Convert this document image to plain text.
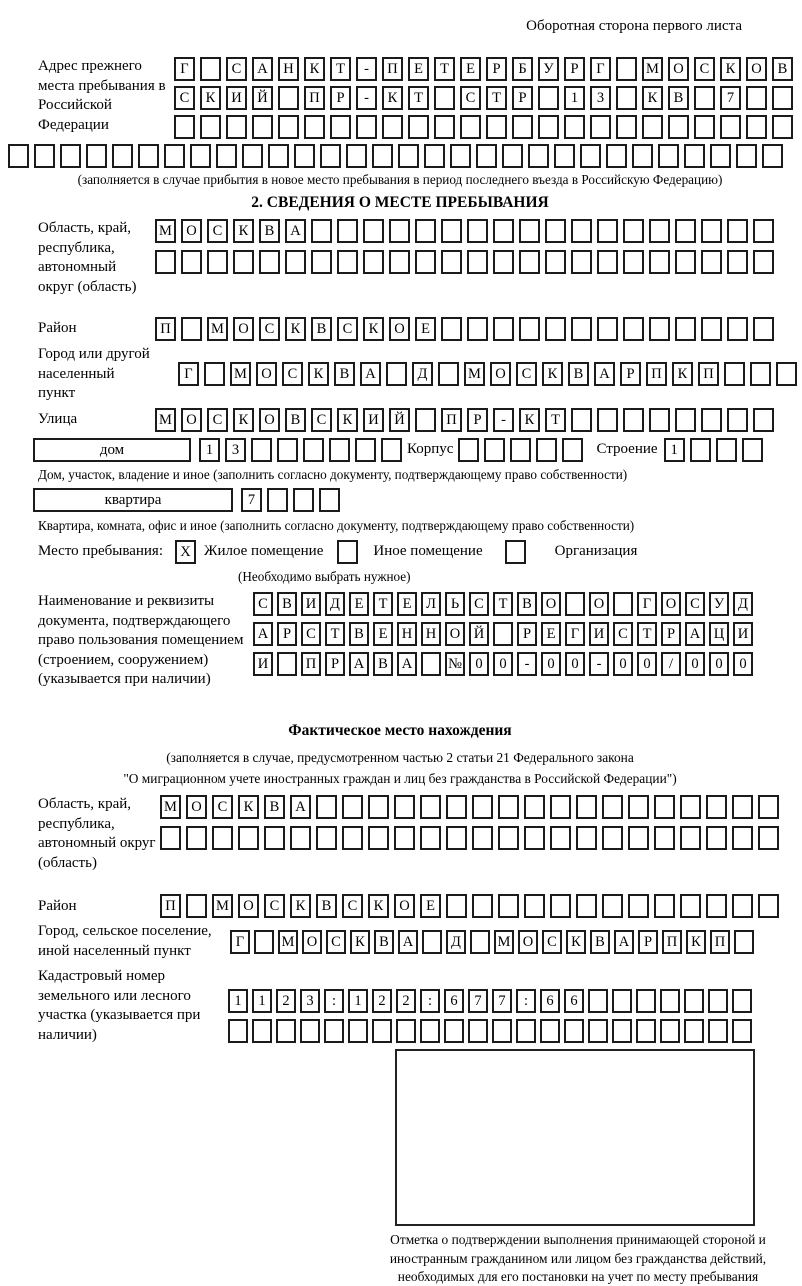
Оборотная сторона первого листа
Адрес прежнего места пребывания в Российской Федерации
Г	С А Н К Т - П Е Т Е Р Б У Р Г	М О С К О В
С К И Й	П Р - К Т	С Т Р	1 3	К В	7
(заполняется в случае прибытия в новое место пребывания в период последнего въезда в Российскую Федерацию)
2. СВЕДЕНИЯ О МЕСТЕ ПРЕБЫВАНИЯ
Область, край, республика, автономный округ (область)
М О С К В А
Район	П	М О С К В С К О Е
Город или другой населенный пункт
Г	М О С К В А	Д	М О С К В А Р П К П
Улица	М О С К О В С К И Й	П Р - К Т
дом	1 3	Корпус	Строение 1
Дом, участок, владение и иное (заполнить согласно документу, подтверждающему право собственности)
квартира	7
Квартира, комната, офис и иное (заполнить согласно документу, подтверждающему право собственности)
Место пребывания:	X Жилое помещение	Иное помещение	Организация
(Необходимо выбрать нужное)
Наименование и реквизиты документа, подтверждающего право пользования помещением (строением, сооружением) (указывается при наличии)
С В И Д Е Т Е Л Ь С Т В О	О	Г О С У Д
А Р С Т В Е Н Н О Й	Р Е Г И С Т Р А Ц И
И	П Р А В А № 0 0 - 0 0 - 0 0 / 0 0 0
Фактическое место нахождения
(заполняется в случае, предусмотренном частью 2 статьи 21 Федерального закона
"О миграционном учете иностранных граждан и лиц без гражданства в Российской Федерации")
Область, край, республика, автономный округ (область)
М О С К В А
Район	П	М О С К В С К О Е
Город, сельское поселение, иной населенный пункт
Г	М О С К В А	Д	М О С К В А Р П К П
Кадастровый номер земельного или лесного участка (указывается при наличии)
1 1 2 3 : 1 2 2 : 6 7 7 : 6 6
Отметка о подтверждении выполнения принимающей стороной и иностранным гражданином или лицом без гражданства действий, необходимых для его постановки на учет по месту пребывания
